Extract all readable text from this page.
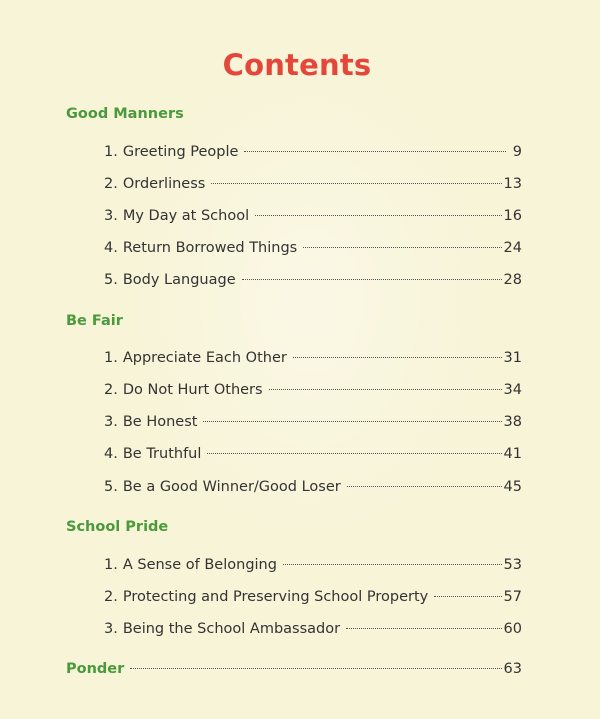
Contents
Good Manners
1. Greeting People	9
2. Orderliness	13
3. My Day at School	16
4. Return Borrowed Things	24
5. Body Language	28
Be Fair
1. Appreciate Each Other	31
2. Do Not Hurt Others	34
3. Be Honest	38
4. Be Truthful	41
5. Be a Good Winner/Good Loser	45
School Pride
1. A Sense of Belonging	53
2. Protecting and Preserving School Property	57
3. Being the School Ambassador	60
Ponder	63
